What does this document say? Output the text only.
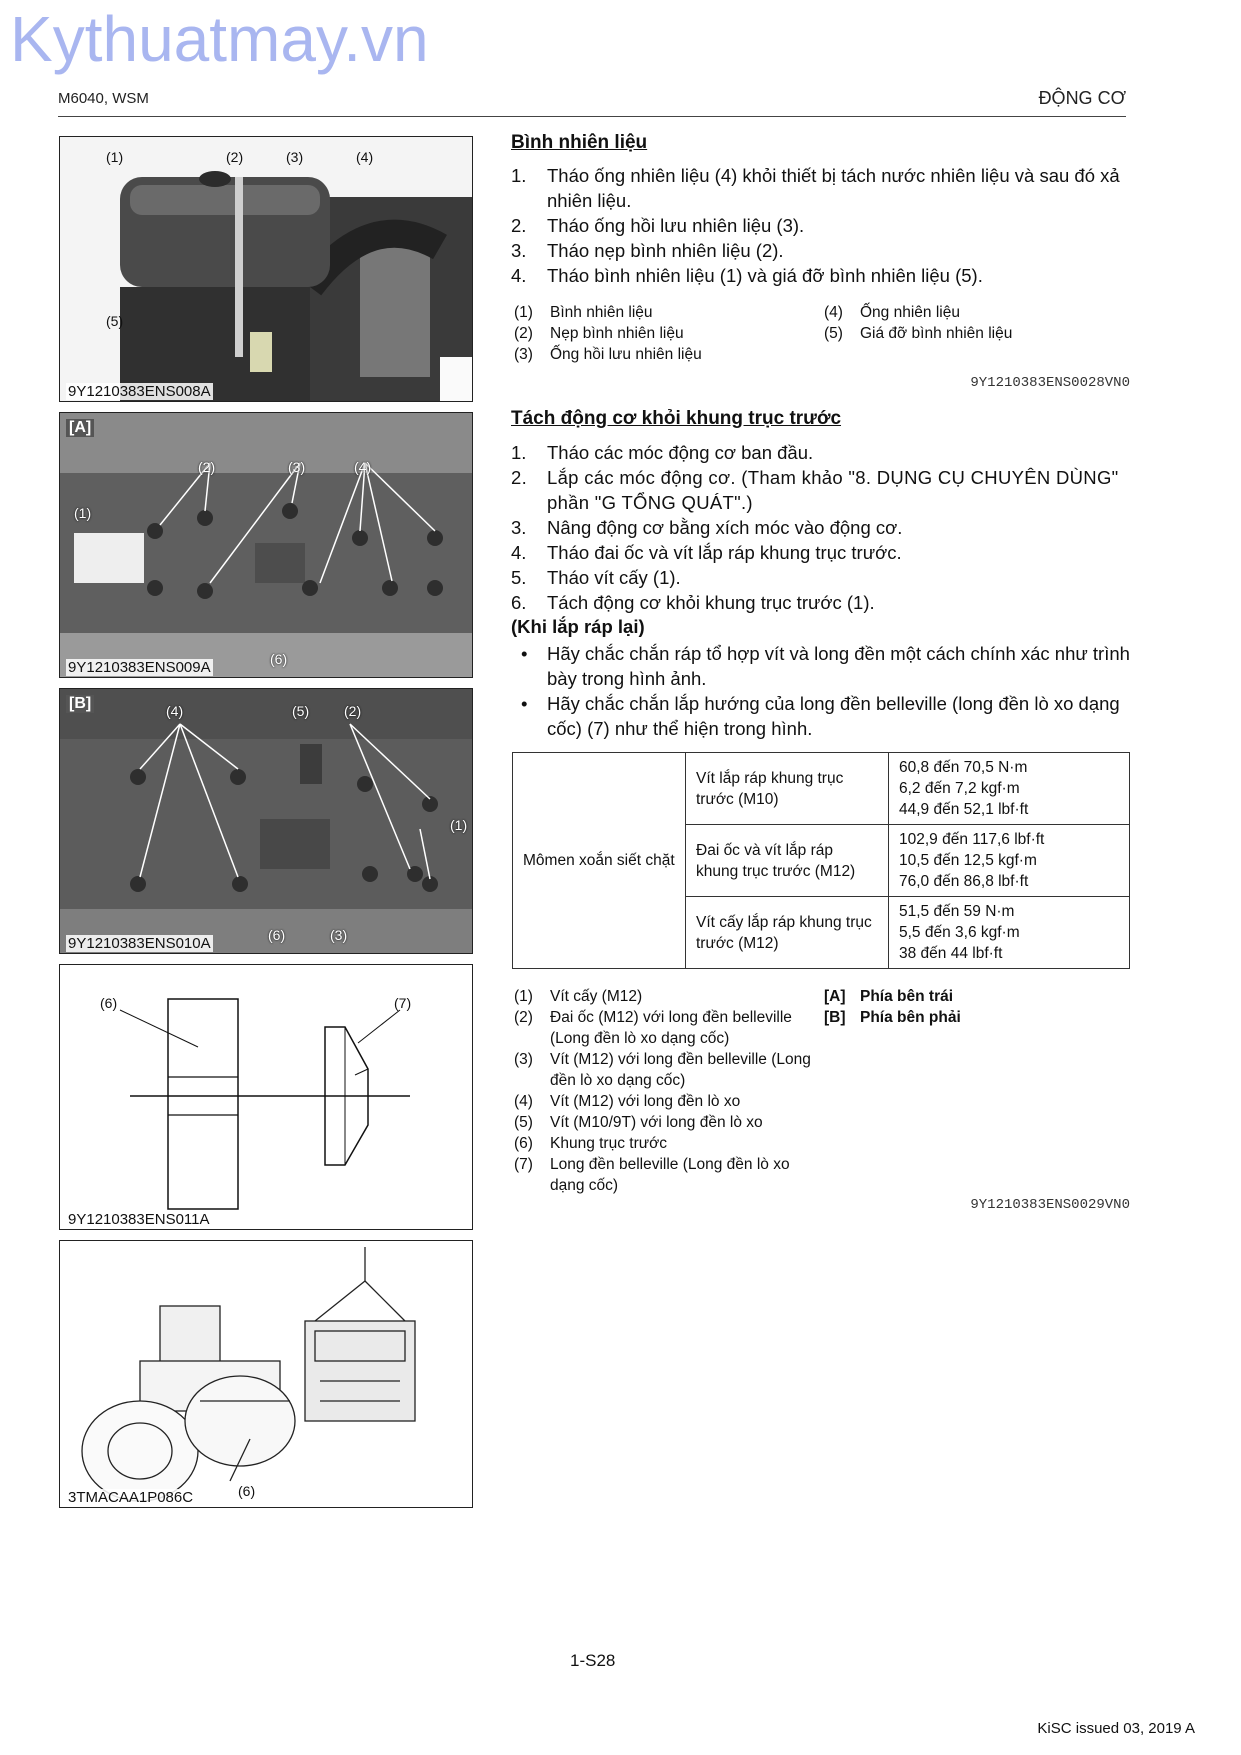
Kythuatmay.vn
M6040, WSM	ĐỘNG CƠ
(1)	(2)	(3)	(4)
(5)
9Y1210383ENS008A
[A]
(1)
(2)	(3)	(4)
(6)
9Y1210383ENS009A
[B]	(4)	(5) (2)
(1)
(6)	(3)
9Y1210383ENS010A
(6)	(7)
9Y1210383ENS011A
(6)
3TMACAA1P086C
Bình nhiên liệu
1. Tháo ống nhiên liệu (4) khỏi thiết bị tách nước nhiên liệu và sau đó xả nhiên liệu.
2. Tháo ống hồi lưu nhiên liệu (3).
3. Tháo nẹp bình nhiên liệu (2).
4. Tháo bình nhiên liệu (1) và giá đỡ bình nhiên liệu (5).
(1) Bình nhiên liệu
(2) Nẹp bình nhiên liệu
(3) Ống hồi lưu nhiên liệu
(4) Ống nhiên liệu
(5) Giá đỡ bình nhiên liệu
9Y1210383ENS0028VN0
Tách động cơ khỏi khung trục trước
1. Tháo các móc động cơ ban đầu.
2. Lắp các móc động cơ. (Tham khảo "8. DỤNG CỤ CHUYÊN DÙNG" phần "G TỔNG QUÁT".)
3. Nâng động cơ bằng xích móc vào động cơ.
4. Tháo đai ốc và vít lắp ráp khung trục trước.
5. Tháo vít cấy (1).
6. Tách động cơ khỏi khung trục trước (1).
(Khi lắp ráp lại)
• Hãy chắc chắn ráp tổ hợp vít và long đền một cách chính xác như trình bày trong hình ảnh.
• Hãy chắc chắn lắp hướng của long đền belleville (long đền lò xo dạng cốc) (7) như thể hiện trong hình.
Mômen xoắn siết chặt	Vít lắp ráp khung trục trước (M10)	60,8 đến 70,5 N·m
6,2 đến 7,2 kgf·m
44,9 đến 52,1 lbf·ft

	Đai ốc và vít lắp ráp khung trục trước (M12)	102,9 đến 117,6 lbf·ft
10,5 đến 12,5 kgf·m
76,0 đến 86,8 lbf·ft

	Vít cấy lắp ráp khung trục trước (M12)	51,5 đến 59 N·m
5,5 đến 3,6 kgf·m
38 đến 44 lbf·ft
(1) Vít cấy (M12)
(2) Đai ốc (M12) với long đền belleville (Long đền lò xo dạng cốc)
(3) Vít (M12) với long đền belleville (Long đền lò xo dạng cốc)
(4) Vít (M12) với long đền lò xo
(5) Vít (M10/9T) với long đền lò xo
(6) Khung trục trước
(7) Long đền belleville (Long đền lò xo dạng cốc)
[A] Phía bên trái
[B] Phía bên phải
9Y1210383ENS0029VN0
1-S28
KiSC issued 03, 2019 A
